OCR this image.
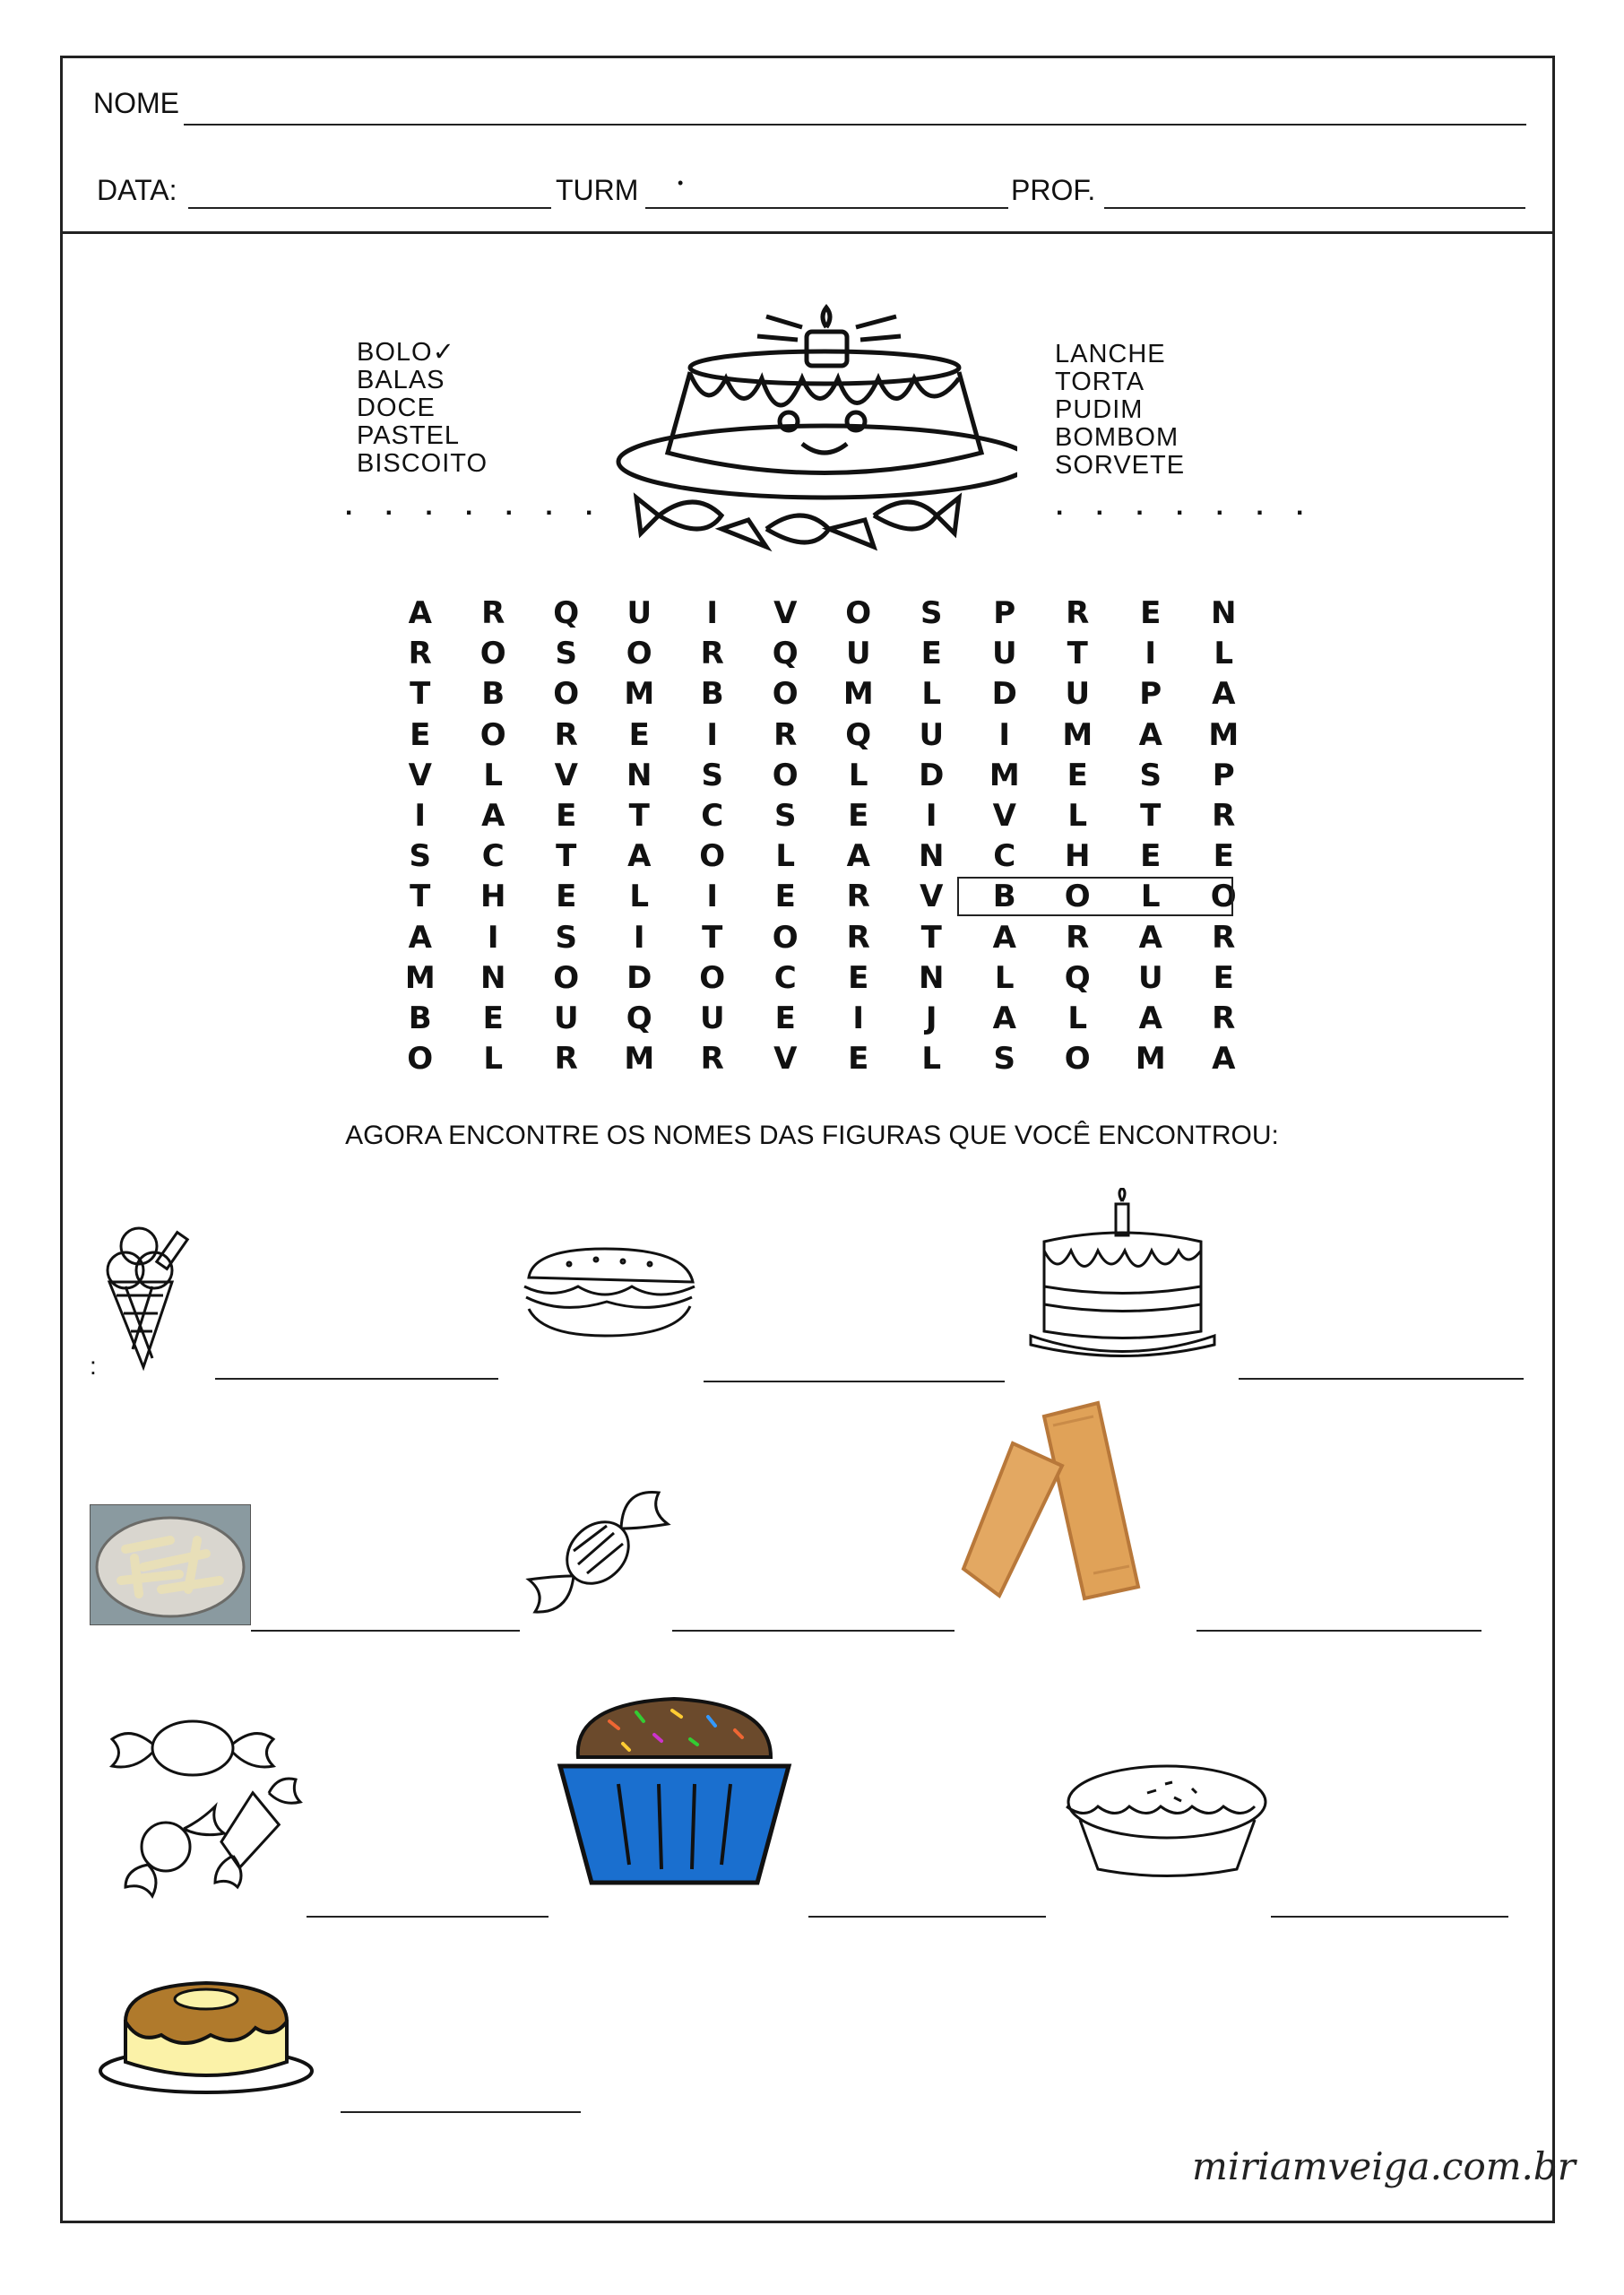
NOME
DATA:	TURM •	PROF.
BOLO✓
BALAS
DOCE
PASTEL
BISCOITO
LANCHE
TORTA
PUDIM
BOMBOM
SORVETE
. . . . . . .	. . . . . . .
A	R	Q	U	I	V	O	S	P	R	E	N
R	O	S	O	R	Q	U	E	U	T	I	L
T	B	O	M	B	O	M	L	D	U	P	A
E	O	R	E	I	R	Q	U	I	M	A	M
V	L	V	N	S	O	L	D	M	E	S	P
I	A	E	T	C	S	E	I	V	L	T	R
S	C	T	A	O	L	A	N	C	H	E	E
T	H	E	L	I	E	R	V	B	O	L	O
A	I	S	I	T	O	R	T	A	R	A	R
M	N	O	D	O	C	E	N	L	Q	U	E
B	E	U	Q	U	E	I	J	A	L	A	R
O	L	R	M	R	V	E	L	S	O	M	A
AGORA ENCONTRE OS NOMES DAS FIGURAS QUE VOCÊ ENCONTROU:
:
miriamveiga.com.br
